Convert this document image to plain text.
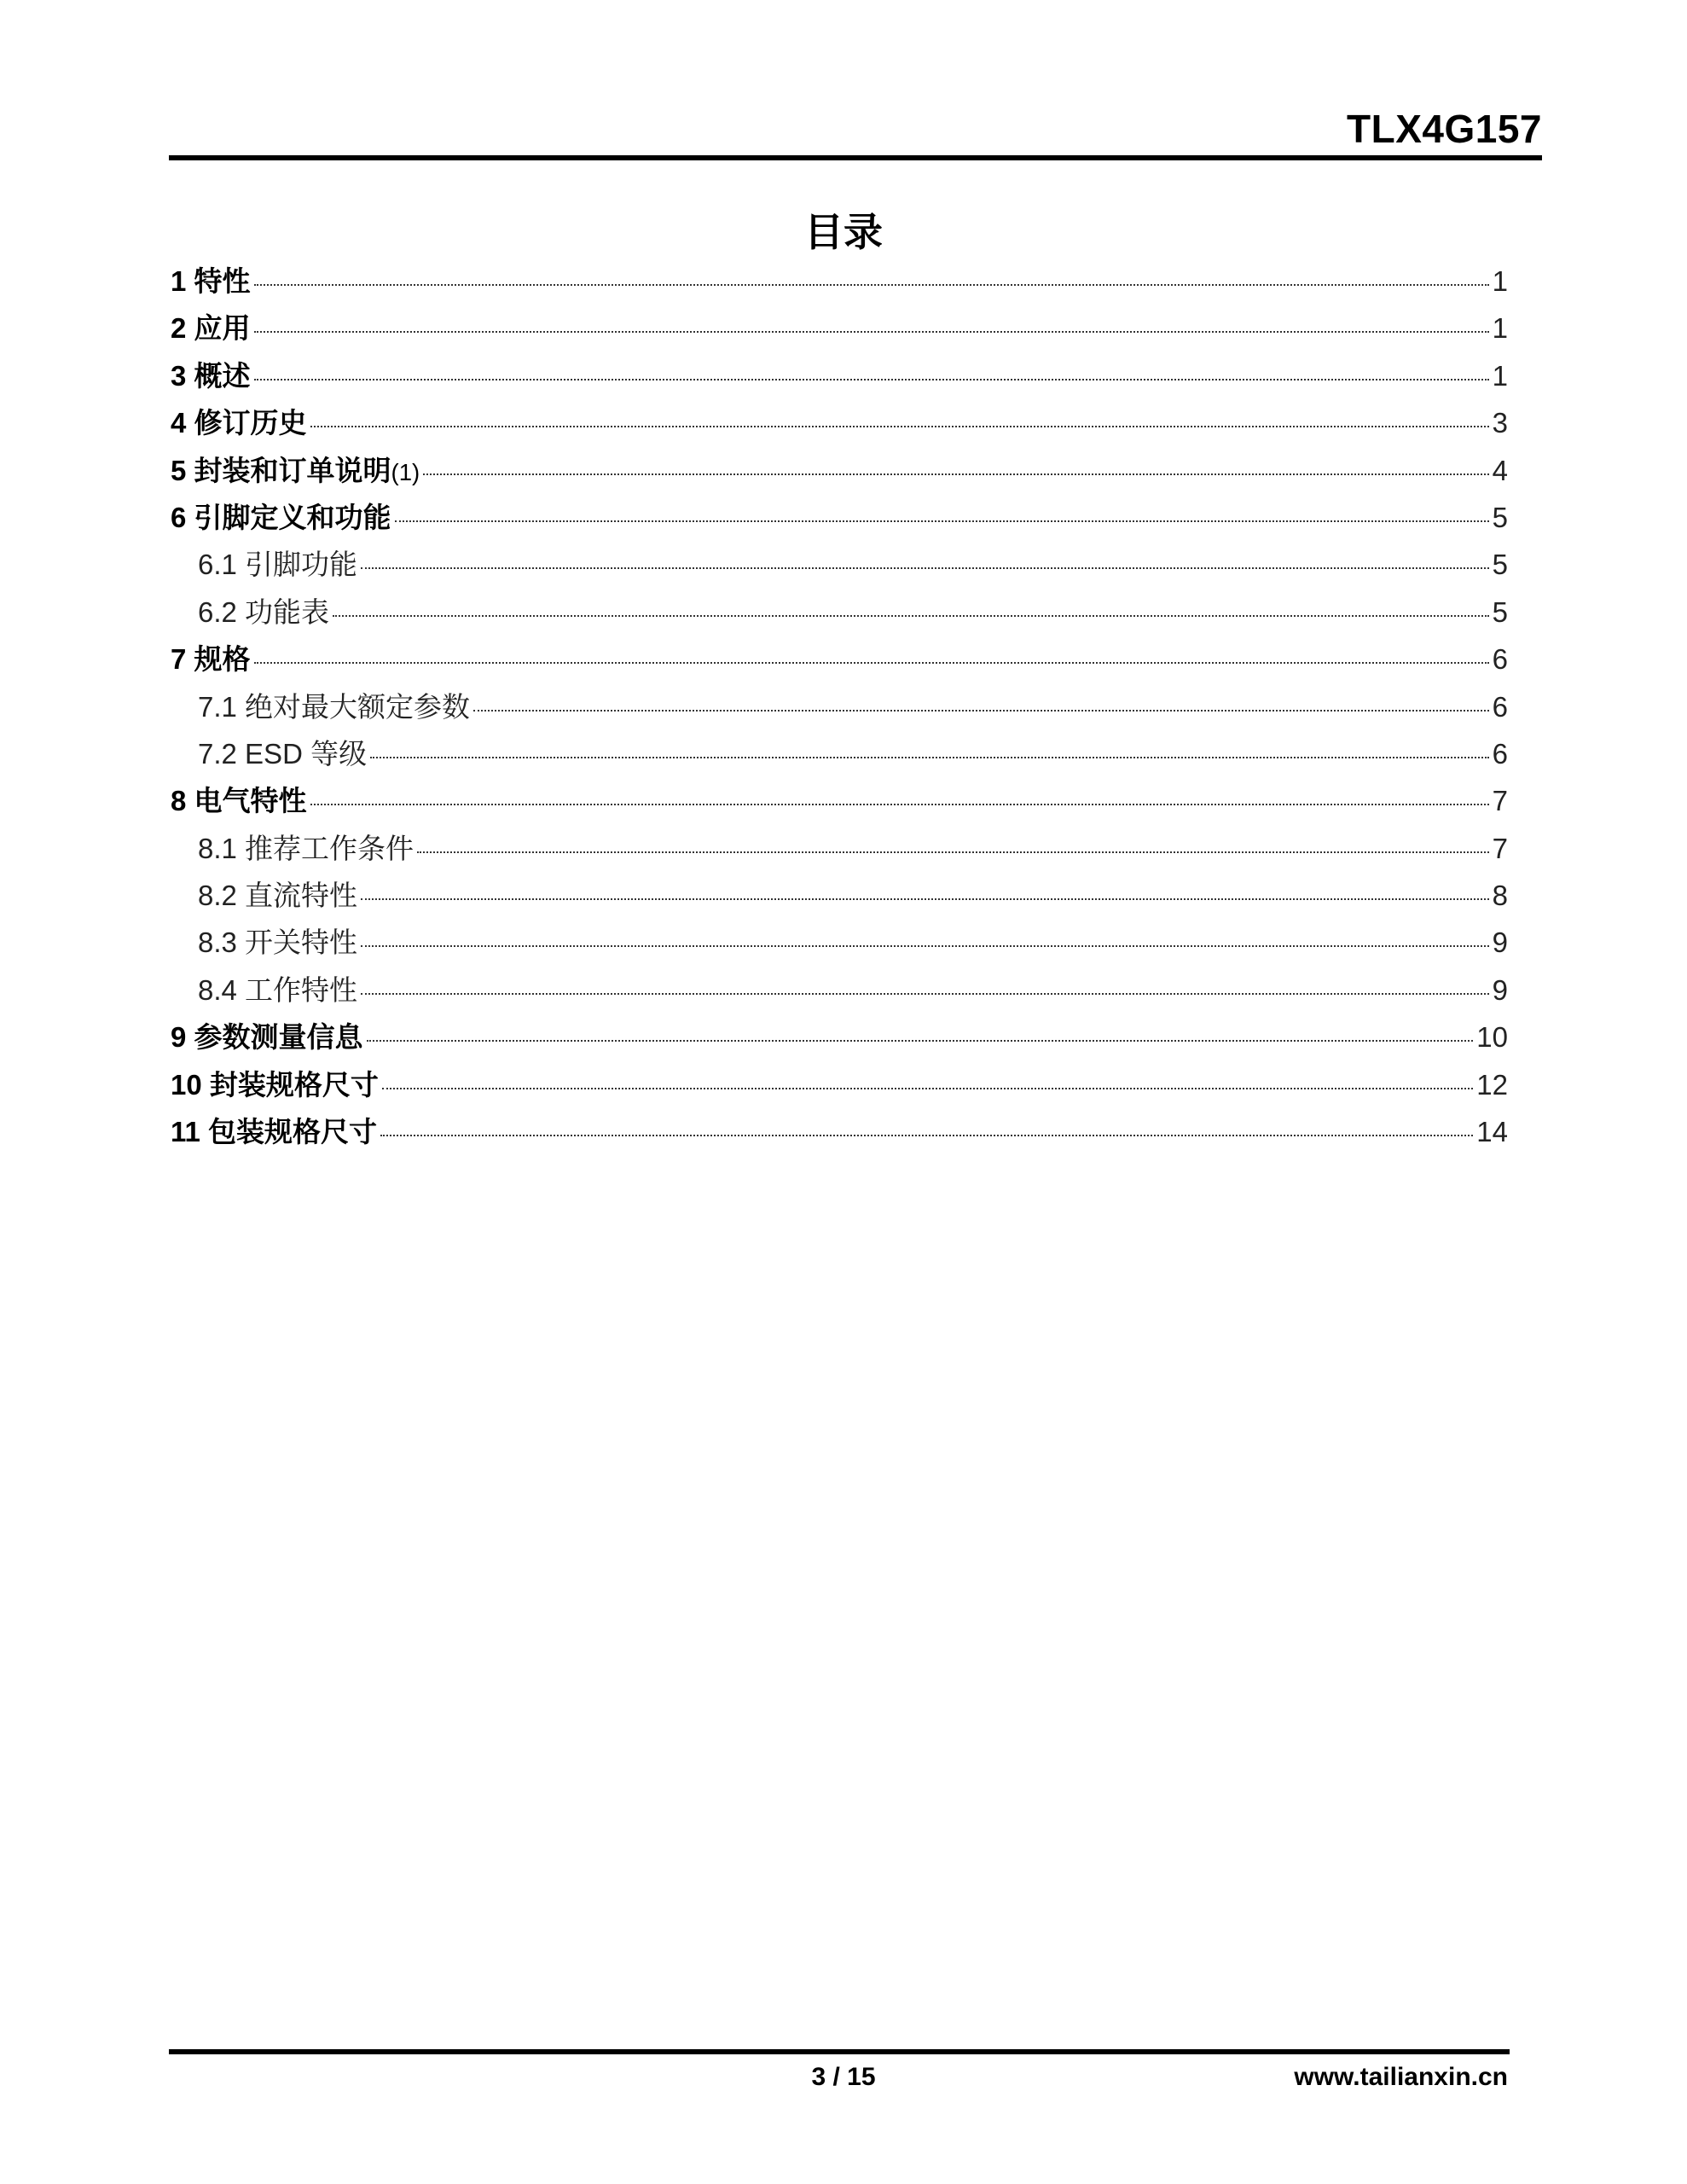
TLX4G157
目录
1 特性	1
2 应用	1
3 概述	1
4 修订历史	3
5 封装和订单说明 (1)	4
6 引脚定义和功能	5
6.1 引脚功能	5
6.2 功能表	5
7 规格	6
7.1 绝对最大额定参数	6
7.2 ESD 等级	6
8 电气特性	7
8.1 推荐工作条件	7
8.2 直流特性	8
8.3 开关特性	9
8.4 工作特性	9
9 参数测量信息	10
10 封装规格尺寸	12
11 包装规格尺寸	14
3 / 15	www.tailianxin.cn
